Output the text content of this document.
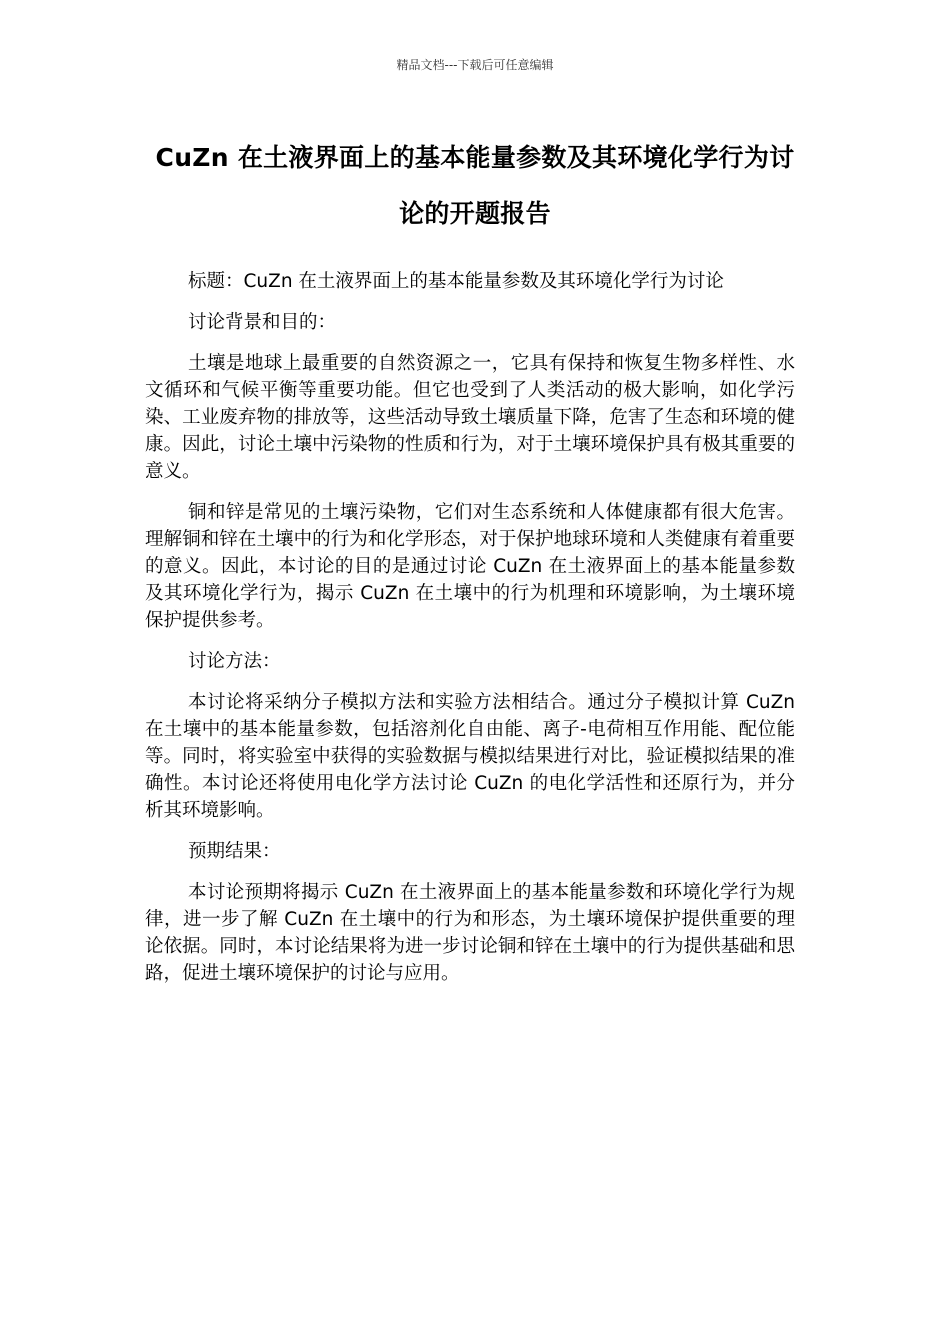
精品文档---下载后可任意编辑
CuZn 在土液界面上的基本能量参数及其环境化学行为讨论的开题报告

标题：CuZn 在土液界面上的基本能量参数及其环境化学行为讨论

讨论背景和目的：

土壤是地球上最重要的自然资源之一，它具有保持和恢复生物多样性、水文循环和气候平衡等重要功能。但它也受到了人类活动的极大影响，如化学污染、工业废弃物的排放等，这些活动导致土壤质量下降，危害了生态和环境的健康。因此，讨论土壤中污染物的性质和行为，对于土壤环境保护具有极其重要的意义。

铜和锌是常见的土壤污染物，它们对生态系统和人体健康都有很大危害。理解铜和锌在土壤中的行为和化学形态，对于保护地球环境和人类健康有着重要的意义。因此，本讨论的目的是通过讨论 CuZn 在土液界面上的基本能量参数及其环境化学行为，揭示 CuZn 在土壤中的行为机理和环境影响，为土壤环境保护提供参考。

讨论方法：

本讨论将采纳分子模拟方法和实验方法相结合。通过分子模拟计算 CuZn 在土壤中的基本能量参数，包括溶剂化自由能、离子-电荷相互作用能、配位能等。同时，将实验室中获得的实验数据与模拟结果进行对比，验证模拟结果的准确性。本讨论还将使用电化学方法讨论 CuZn 的电化学活性和还原行为，并分析其环境影响。

预期结果：

本讨论预期将揭示 CuZn 在土液界面上的基本能量参数和环境化学行为规律，进一步了解 CuZn 在土壤中的行为和形态，为土壤环境保护提供重要的理论依据。同时，本讨论结果将为进一步讨论铜和锌在土壤中的行为提供基础和思路，促进土壤环境保护的讨论与应用。
